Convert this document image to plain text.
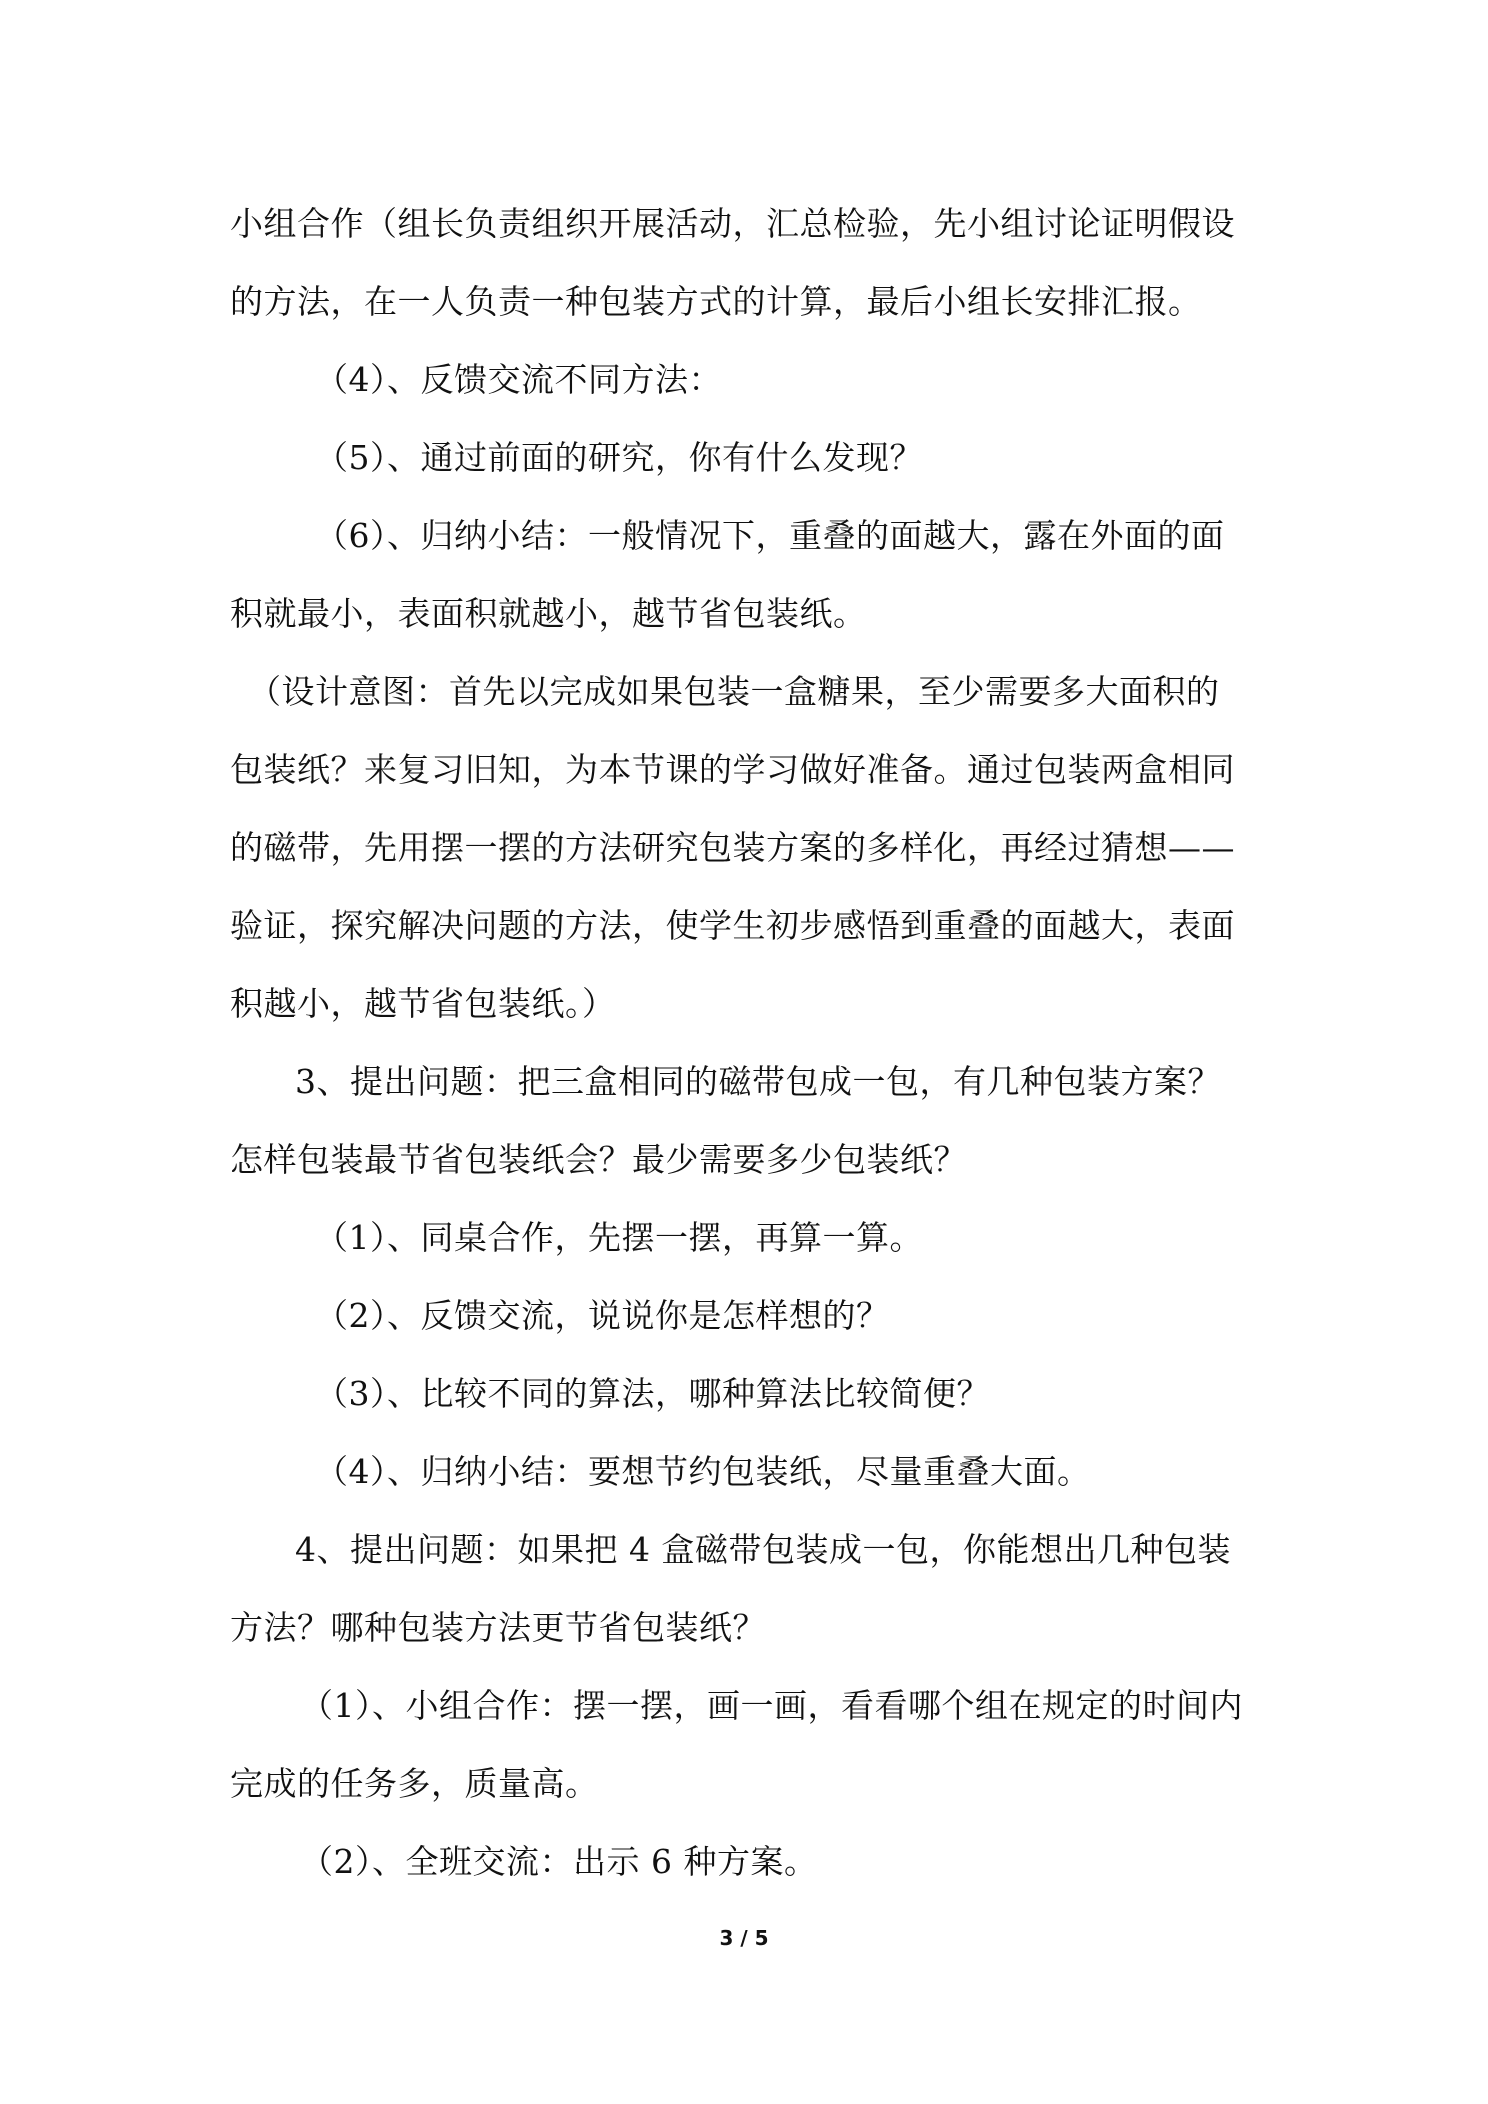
小组合作（组长负责组织开展活动，汇总检验，先小组讨论证明假设
的方法，在一人负责一种包装方式的计算，最后小组长安排汇报。
（4）、反馈交流不同方法：
（5）、通过前面的研究，你有什么发现？
（6）、归纳小结：一般情况下，重叠的面越大，露在外面的面
积就最小，表面积就越小，越节省包装纸。
（设计意图：首先以完成如果包装一盒糖果，至少需要多大面积的
包装纸？来复习旧知，为本节课的学习做好准备。通过包装两盒相同
的磁带，先用摆一摆的方法研究包装方案的多样化，再经过猜想——
验证，探究解决问题的方法，使学生初步感悟到重叠的面越大，表面
积越小，越节省包装纸。）
3、提出问题：把三盒相同的磁带包成一包，有几种包装方案？
怎样包装最节省包装纸会？最少需要多少包装纸？
（1）、同桌合作，先摆一摆，再算一算。
（2）、反馈交流，说说你是怎样想的？
（3）、比较不同的算法，哪种算法比较简便？
（4）、归纳小结：要想节约包装纸，尽量重叠大面。
4、提出问题：如果把 4 盒磁带包装成一包，你能想出几种包装
方法？哪种包装方法更节省包装纸？
（1）、小组合作：摆一摆，画一画，看看哪个组在规定的时间内
完成的任务多，质量高。
（2）、全班交流：出示 6 种方案。
3 / 5
